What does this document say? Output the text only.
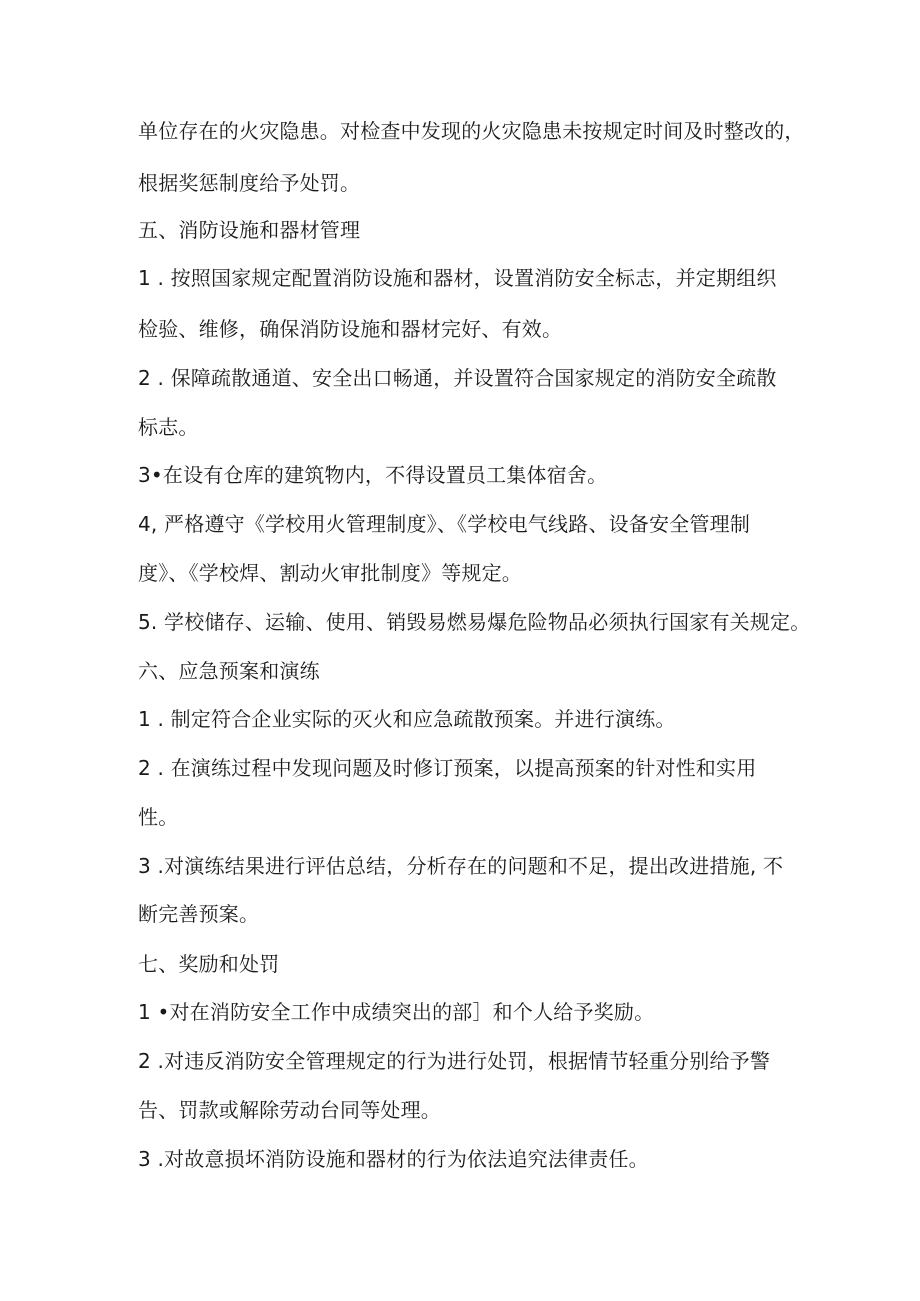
单位存在的火灾隐患。对检查中发现的火灾隐患未按规定时间及时整改的，
根据奖惩制度给予处罚。
五、消防设施和器材管理
1 . 按照国家规定配置消防设施和器材，设置消防安全标志，并定期组织
检验、维修，确保消防设施和器材完好、有效。
2 . 保障疏散通道、安全出口畅通，并设置符合国家规定的消防安全疏散
标志。
3•在设有仓库的建筑物内，不得设置员工集体宿舍。
4, 严格遵守《学校用火管理制度》、《学校电气线路、设备安全管理制
度》、《学校焊、割动火审批制度》等规定。
5. 学校储存、运输、使用、销毁易燃易爆危险物品必须执行国家有关规定。
六、应急预案和演练
1 . 制定符合企业实际的灭火和应急疏散预案。并进行演练。
2 . 在演练过程中发现问题及时修订预案，以提高预案的针对性和实用
性。
3 .对演练结果进行评估总结，分析存在的问题和不足，提出改进措施, 不
断完善预案。
七、奖励和处罚
1 •对在消防安全工作中成绩突出的部］和个人给予奖励。
2 .对违反消防安全管理规定的行为进行处罚，根据情节轻重分别给予警
告、罚款或解除劳动台同等处理。
3 .对故意损坏消防设施和器材的行为依法追究法律责任。
